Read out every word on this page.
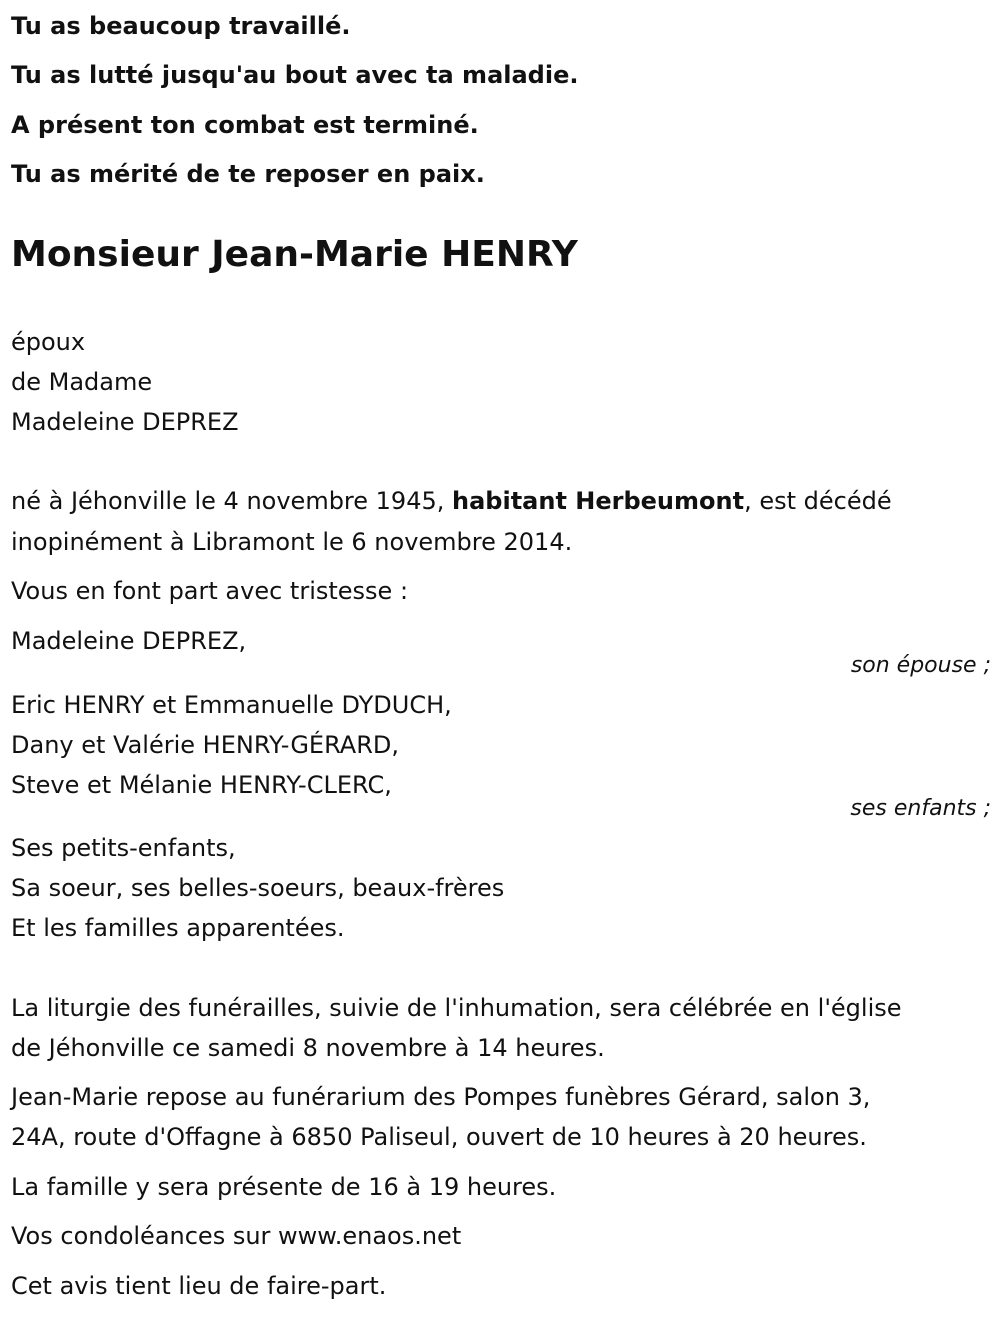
Tu as beaucoup travaillé.
Tu as lutté jusqu'au bout avec ta maladie.
A présent ton combat est terminé.
Tu as mérité de te reposer en paix.
Monsieur Jean-Marie HENRY
époux
de Madame
Madeleine DEPREZ
né à Jéhonville le 4 novembre 1945, habitant Herbeumont, est décédé
inopinément à Libramont le 6 novembre 2014.
Vous en font part avec tristesse :
Madeleine DEPREZ,
son épouse ;
Eric HENRY et Emmanuelle DYDUCH,
Dany et Valérie HENRY-GÉRARD,
Steve et Mélanie HENRY-CLERC,
ses enfants ;
Ses petits-enfants,
Sa soeur, ses belles-soeurs, beaux-frères
Et les familles apparentées.
La liturgie des funérailles, suivie de l'inhumation, sera célébrée en l'église
de Jéhonville ce samedi 8 novembre à 14 heures.
Jean-Marie repose au funérarium des Pompes funèbres Gérard, salon 3,
24A, route d'Offagne à 6850 Paliseul, ouvert de 10 heures à 20 heures.
La famille y sera présente de 16 à 19 heures.
Vos condoléances sur www.enaos.net
Cet avis tient lieu de faire-part.
